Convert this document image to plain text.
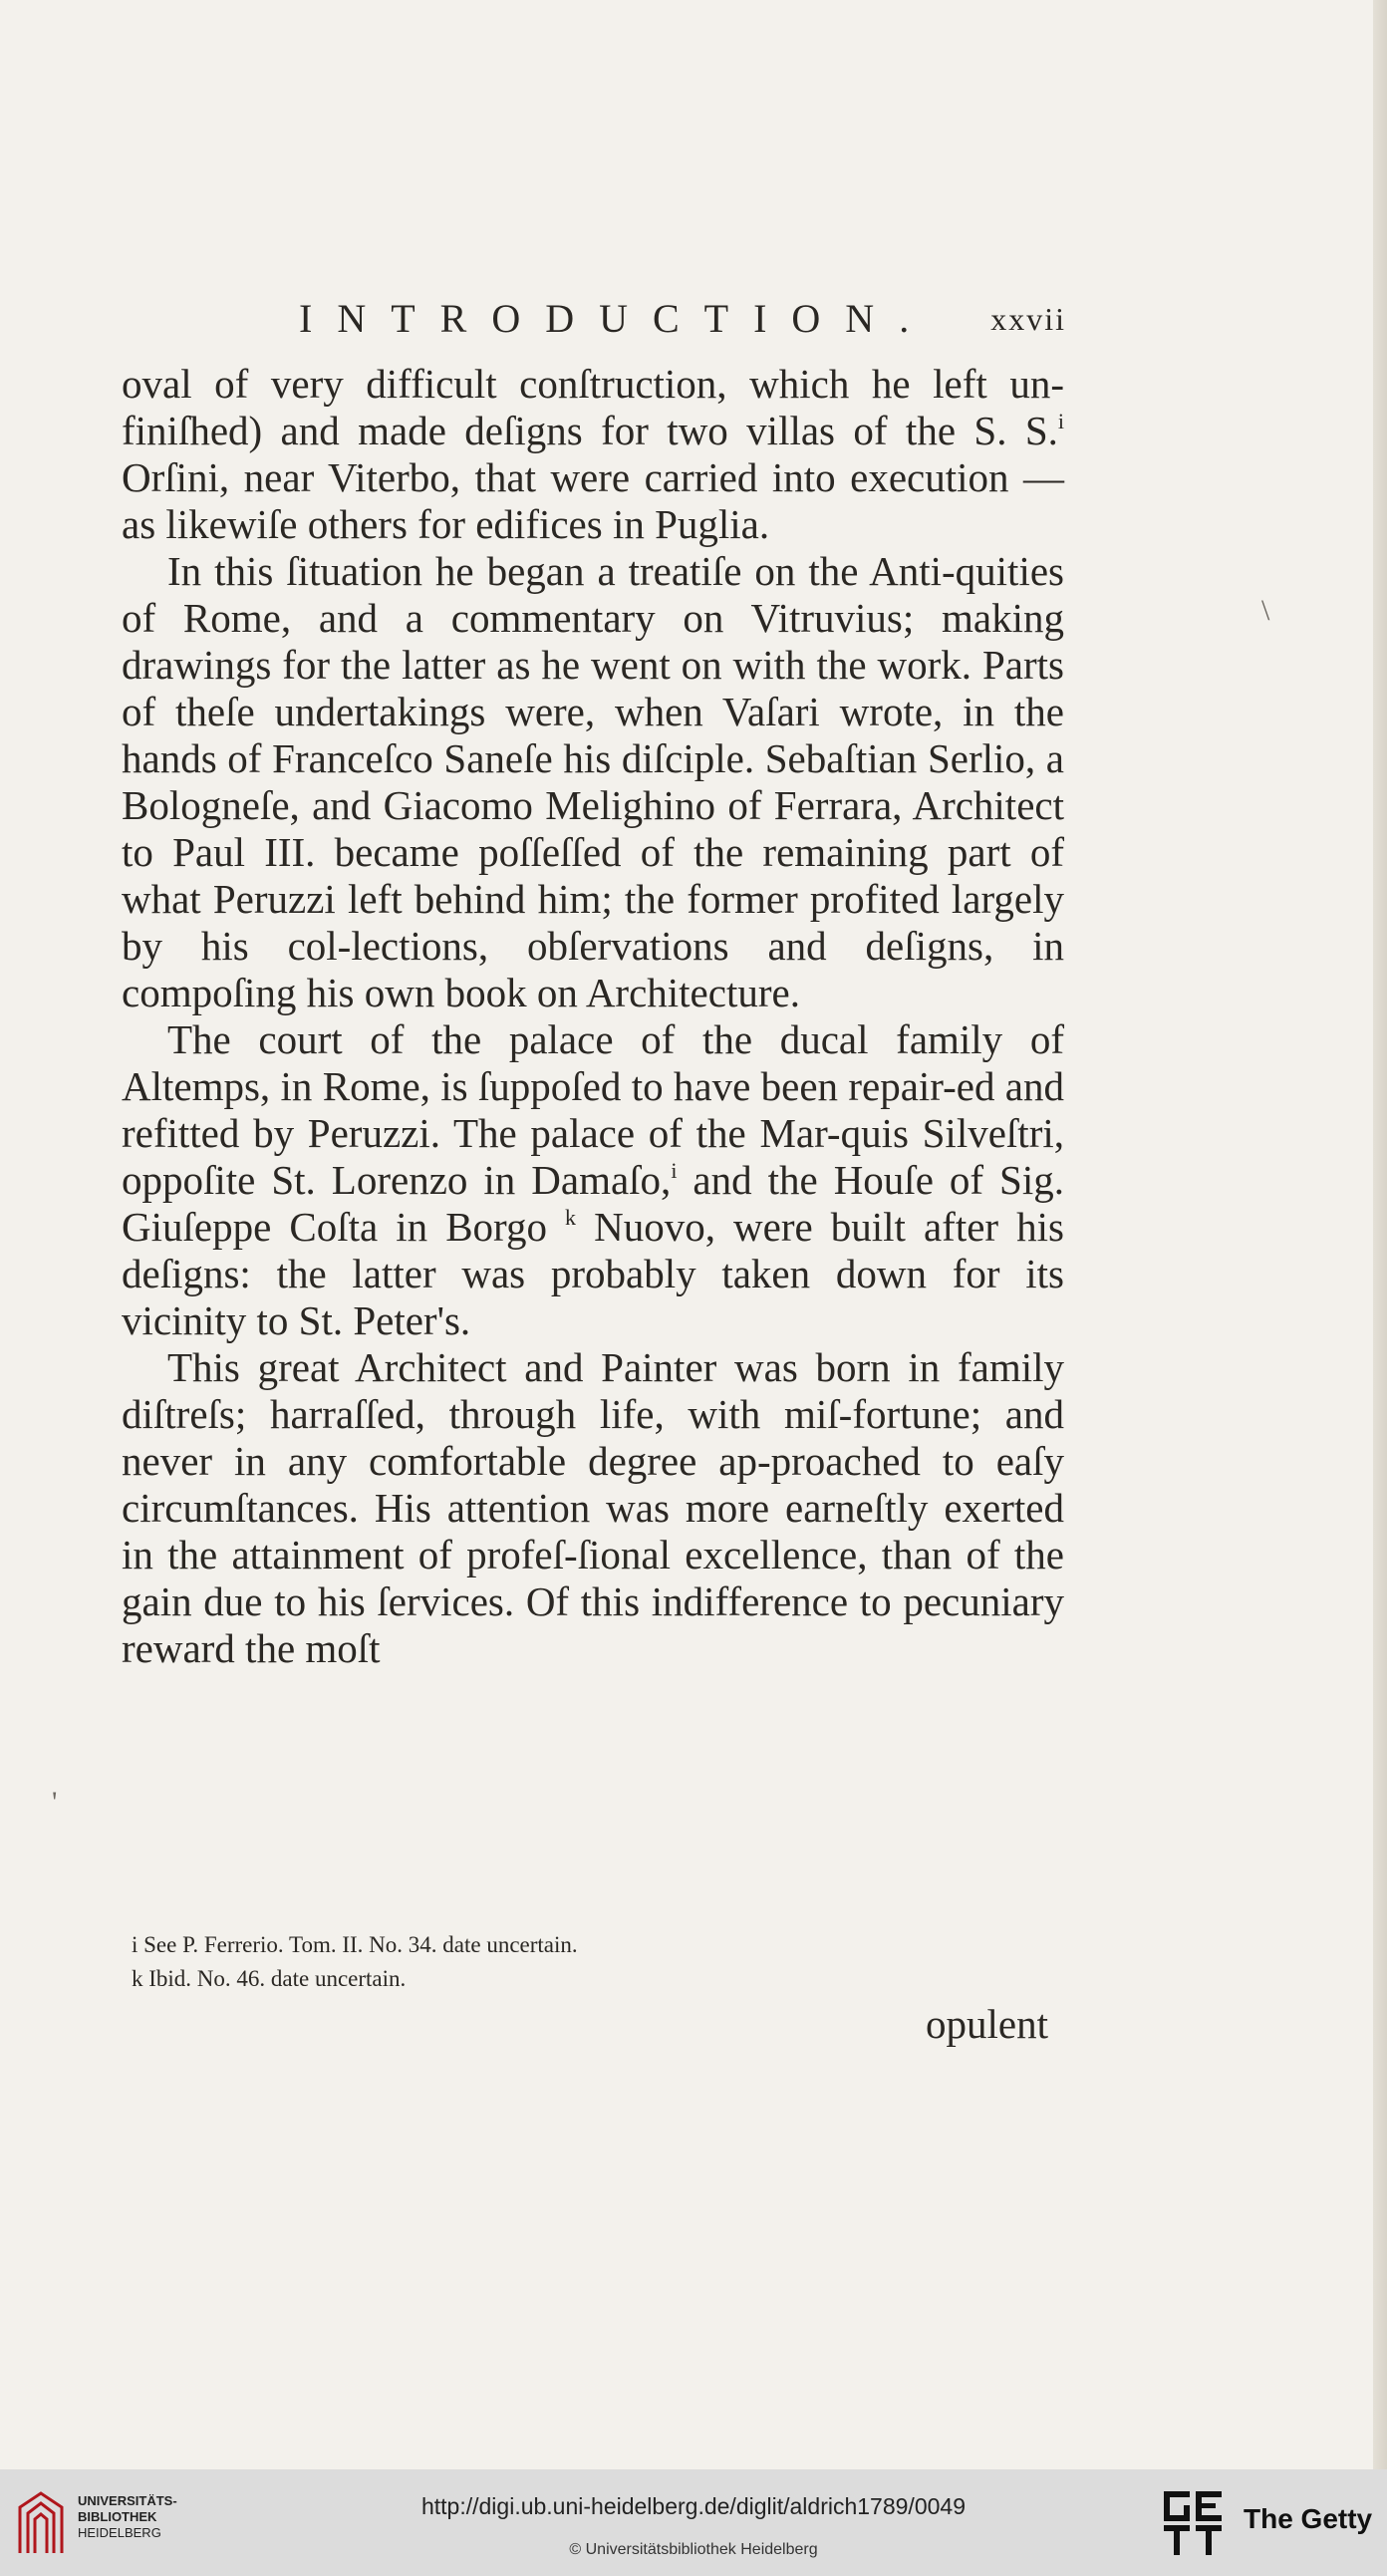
INTRODUCTION. xxvii

oval of very difficult conſtruction, which he left un-finiſhed) and made deſigns for two villas of the S. S.$^i$ Orſini, near Viterbo, that were carried into execution —as likewiſe others for edifices in Puglia.

In this ſituation he began a treatiſe on the Anti-quities of Rome, and a commentary on Vitruvius; making drawings for the latter as he went on with the work. Parts of theſe undertakings were, when Vaſari wrote, in the hands of Franceſco Saneſe his diſciple. Sebaſtian Serlio, a Bologneſe, and Giacomo Melighino of Ferrara, Architect to Paul III. became poſſeſſed of the remaining part of what Peruzzi left behind him; the former profited largely by his col-lections, obſervations and deſigns, in compoſing his own book on Architecture.

The court of the palace of the ducal family of Altemps, in Rome, is ſuppoſed to have been repair-ed and refitted by Peruzzi. The palace of the Mar-quis Silveſtri, oppoſite St. Lorenzo in Damaſo,$^i$ and the Houſe of Sig. Giuſeppe Coſta in Borgo $^k$ Nuovo, were built after his deſigns: the latter was probably taken down for its vicinity to St. Peter's.

This great Architect and Painter was born in family diſtreſs; harraſſed, through life, with miſ-fortune; and never in any comfortable degree ap-proached to eaſy circumſtances. His attention was more earneſtly exerted in the attainment of profeſ-ſional excellence, than of the gain due to his ſervices. Of this indifference to pecuniary reward the moſt

i See P. Ferrerio. Tom. II. No. 34. date uncertain.

k Ibid. No. 46. date uncertain.

opulent
\
'
UNIVERSITÄTS-
BIBLIOTHEK
HEIDELBERG
http://digi.ub.uni-heidelberg.de/diglit/aldrich1789/0049
© Universitätsbibliothek Heidelberg
The Getty
